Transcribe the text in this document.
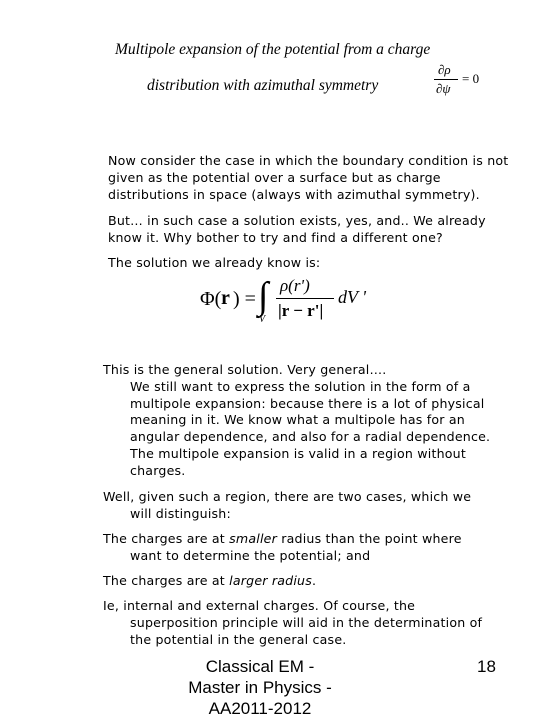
Multipole expansion of the potential from a charge
distribution with azimuthal symmetry
∂ρ
∂ψ
= 0
Now consider the case in which the boundary condition is not
given as the potential over a surface but as charge
distributions in space (always with azimuthal symmetry).
But… in such case a solution exists, yes, and.. We already
know it. Why bother to try and find a different one?
The solution we already know is:
Φ( r ) = ∫
V
ρ(r')
|r − r'|
dV '
This is the general solution. Very general….
We still want to express the solution in the form of a
multipole expansion: because there is a lot of physical
meaning in it. We know what a multipole has for an
angular dependence, and also for a radial dependence.
The multipole expansion is valid in a region without
charges.
Well, given such a region, there are two cases, which we
will distinguish:
The charges are at smaller radius than the point where
want to determine the potential; and
The charges are at larger radius.
Ie, internal and external charges. Of course, the
superposition principle will aid in the determination of
the potential in the general case.
Classical EM -
Master in Physics -
AA2011-2012
18
